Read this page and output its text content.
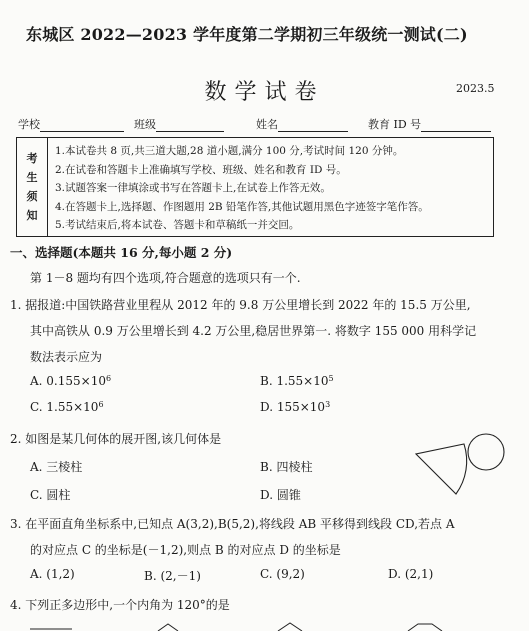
东城区 2022—2023 学年度第二学期初三年级统一测试(二)
数学试卷	2023.5
学校	班级	姓名	教育 ID 号
考
生
须
知
1.本试卷共 8 页,共三道大题,28 道小题,满分 100 分,考试时间 120 分钟。
2.在试卷和答题卡上准确填写学校、班级、姓名和教育 ID 号。
3.试题答案一律填涂或书写在答题卡上,在试卷上作答无效。
4.在答题卡上,选择题、作图题用 2B 铅笔作答,其他试题用黑色字迹签字笔作答。
5.考试结束后,将本试卷、答题卡和草稿纸一并交回。
一、选择题(本题共 16 分,每小题 2 分)
第 1－8 题均有四个选项,符合题意的选项只有一个.
1. 据报道:中国铁路营业里程从 2012 年的 9.8 万公里增长到 2022 年的 15.5 万公里,
其中高铁从 0.9 万公里增长到 4.2 万公里,稳居世界第一. 将数字 155 000 用科学记
数法表示应为
A. $0.155\times 10^6$	B. $1.55\times 10^5$
C. $1.55\times 10^6$	D. $155\times 10^3$
2. 如图是某几何体的展开图,该几何体是
A. 三棱柱	B. 四棱柱
C. 圆柱	D. 圆锥
3. 在平面直角坐标系中,已知点 A(3,2),B(5,2),将线段 AB 平移得到线段 CD,若点 A
的对应点 C 的坐标是(－1,2),则点 B 的对应点 D 的坐标是
A. (1,2)	B. (2,－1)	C. (9,2)	D. (2,1)
4. 下列正多边形中,一个内角为 120°的是
